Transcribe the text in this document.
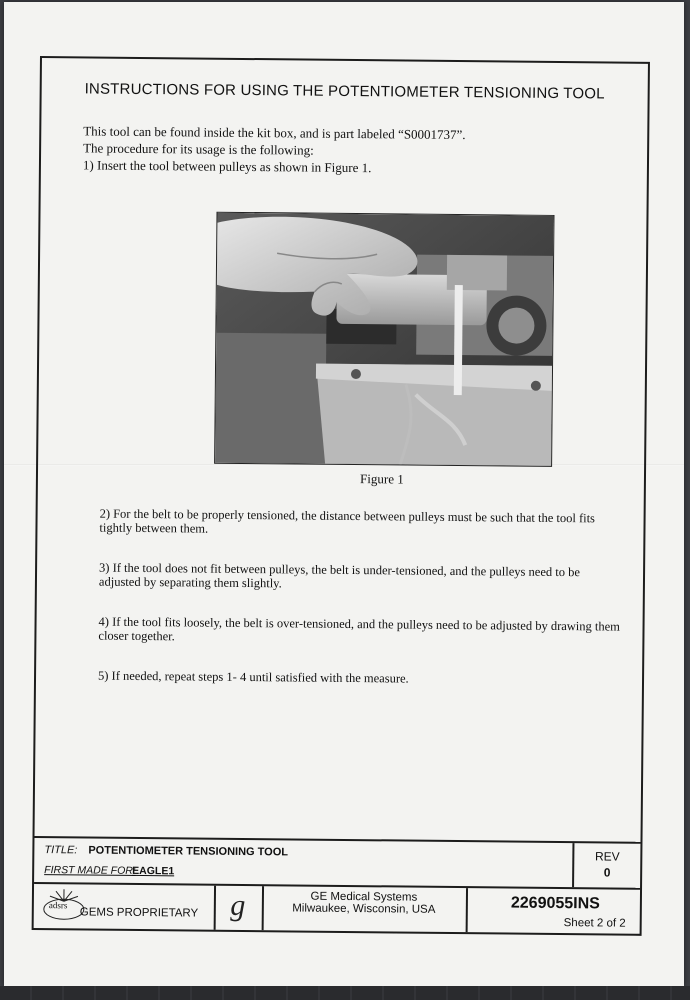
INSTRUCTIONS FOR USING THE POTENTIOMETER TENSIONING TOOL

This tool can be found inside the kit box, and is part labeled “S0001737”.

The procedure for its usage is the following:

1) Insert the tool between pulleys as shown in Figure 1.

Figure 1
2) For the belt to be properly tensioned, the distance between pulleys must be such that the tool fits tightly between them.
3) If the tool does not fit between pulleys, the belt is under-tensioned, and the pulleys need to be adjusted by separating them slightly.
4) If the tool fits loosely, the belt is over-tensioned, and the pulleys need to be adjusted by drawing them closer together.
5) If needed, repeat steps 1- 4 until satisfied with the measure.
TITLE: POTENTIOMETER TENSIONING TOOL
FIRST MADE FOR:
EAGLE1
REV
0
adsrs
GEMS PROPRIETARY	g	GE Medical Systems
Milwaukee, Wisconsin, USA	2269055INS
Sheet 2 of 2
